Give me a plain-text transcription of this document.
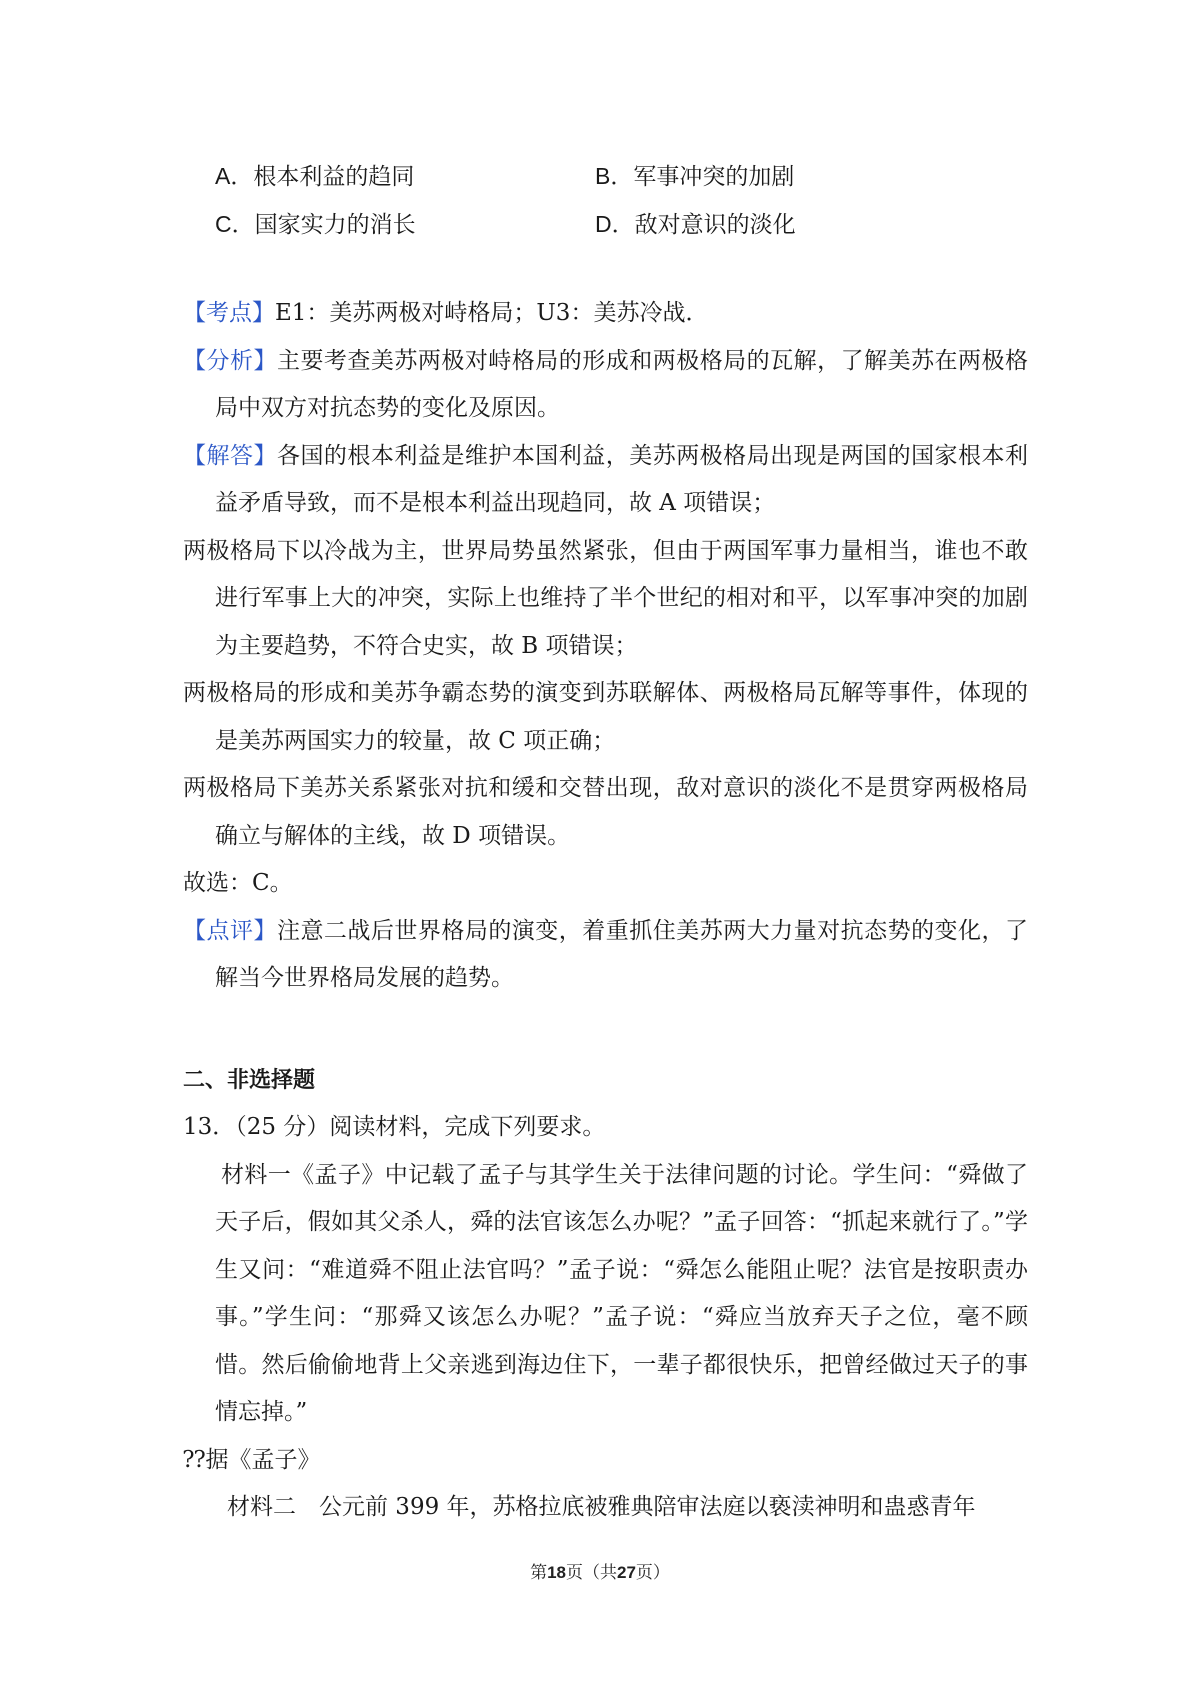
A．根本利益的趋同	B．军事冲突的加剧
C．国家实力的消长	D．敌对意识的淡化

【考点】E1：美苏两极对峙格局；U3：美苏冷战．

【分析】主要考查美苏两极对峙格局的形成和两极格局的瓦解，了解美苏在两极格局中双方对抗态势的变化及原因。

【解答】各国的根本利益是维护本国利益，美苏两极格局出现是两国的国家根本利益矛盾导致，而不是根本利益出现趋同，故 A 项错误；

两极格局下以冷战为主，世界局势虽然紧张，但由于两国军事力量相当，谁也不敢进行军事上大的冲突，实际上也维持了半个世纪的相对和平，以军事冲突的加剧为主要趋势，不符合史实，故 B 项错误；

两极格局的形成和美苏争霸态势的演变到苏联解体、两极格局瓦解等事件，体现的是美苏两国实力的较量，故 C 项正确；

两极格局下美苏关系紧张对抗和缓和交替出现，敌对意识的淡化不是贯穿两极格局确立与解体的主线，故 D 项错误。

故选：C。

【点评】注意二战后世界格局的演变，着重抓住美苏两大力量对抗态势的变化，了解当今世界格局发展的趋势。

二、非选择题

13．（25 分）阅读材料，完成下列要求。

材料一《孟子》中记载了孟子与其学生关于法律问题的讨论。学生问：“舜做了天子后，假如其父杀人，舜的法官该怎么办呢？”孟子回答：“抓起来就行了。”学生又问：“难道舜不阻止法官吗？”孟子说：“舜怎么能阻止呢？法官是按职责办事。”学生问：“那舜又该怎么办呢？”孟子说：“舜应当放弃天子之位，毫不顾惜。然后偷偷地背上父亲逃到海边住下，一辈子都很快乐，把曾经做过天子的事情忘掉。”

⁇据《孟子》

材料二　公元前 399 年，苏格拉底被雅典陪审法庭以亵渎神明和蛊惑青年

第18页（共27页）
